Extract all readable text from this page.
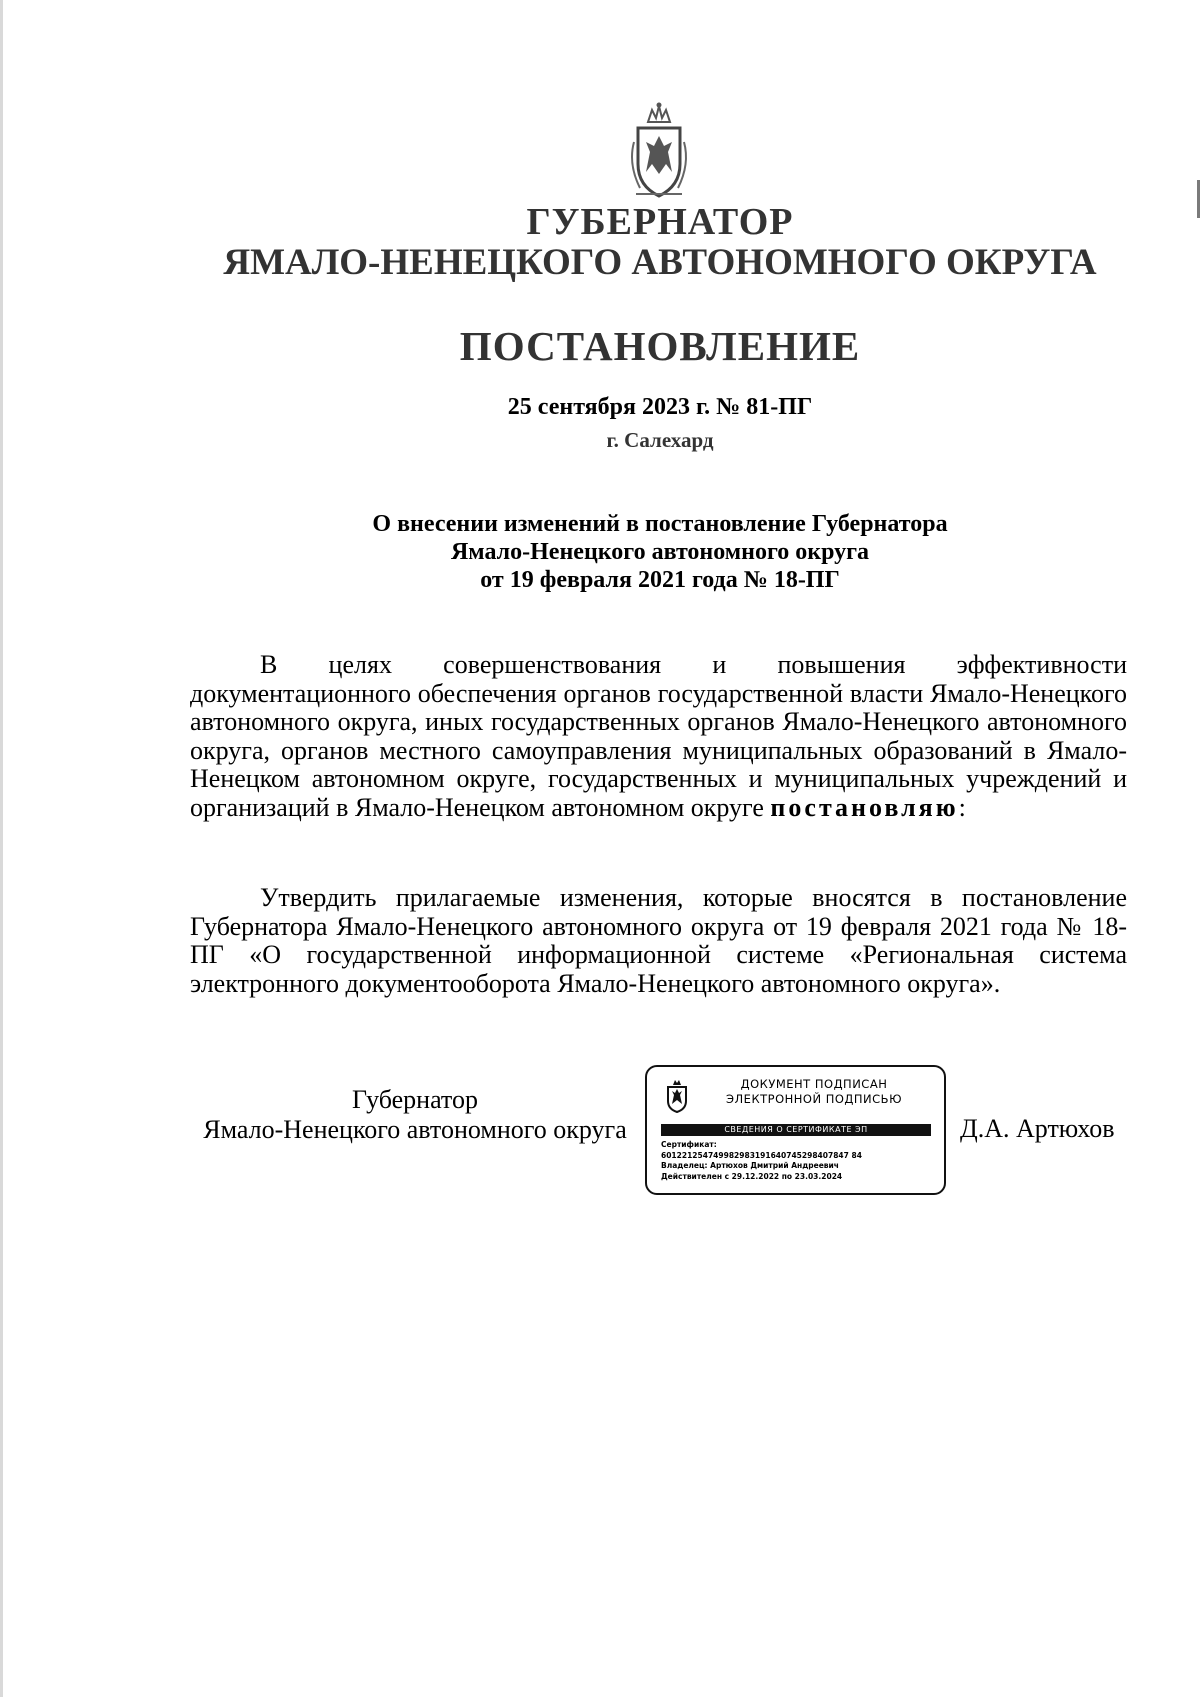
ГУБЕРНАТОР
ЯМАЛО-НЕНЕЦКОГО АВТОНОМНОГО ОКРУГА
ПОСТАНОВЛЕНИЕ
25 сентября 2023 г. № 81-ПГ
г. Салехард
О внесении изменений в постановление Губернатора
Ямало-Ненецкого автономного округа
от 19 февраля 2021 года № 18-ПГ

В целях совершенствования и повышения эффективности документационного обеспечения органов государственной власти Ямало-Ненецкого автономного округа, иных государственных органов Ямало-Ненецкого автономного округа, органов местного самоуправления муниципальных образований в Ямало-Ненецком автономном округе, государственных и муниципальных учреждений и организаций в Ямало-Ненецком автономном округе постановляю:

Утвердить прилагаемые изменения, которые вносятся в постановление Губернатора Ямало-Ненецкого автономного округа от 19 февраля 2021 года № 18-ПГ «О государственной информационной системе «Региональная система электронного документооборота Ямало-Ненецкого автономного округа».

Губернатор
Ямало-Ненецкого автономного округа
ДОКУМЕНТ ПОДПИСАН
ЭЛЕКТРОННОЙ ПОДПИСЬЮ
СВЕДЕНИЯ О СЕРТИФИКАТЕ ЭП
Сертификат:
601221254749982983191640745298407847 84
Владелец: Артюхов Дмитрий Андреевич
Действителен с 29.12.2022 по 23.03.2024
Д.А. Артюхов
